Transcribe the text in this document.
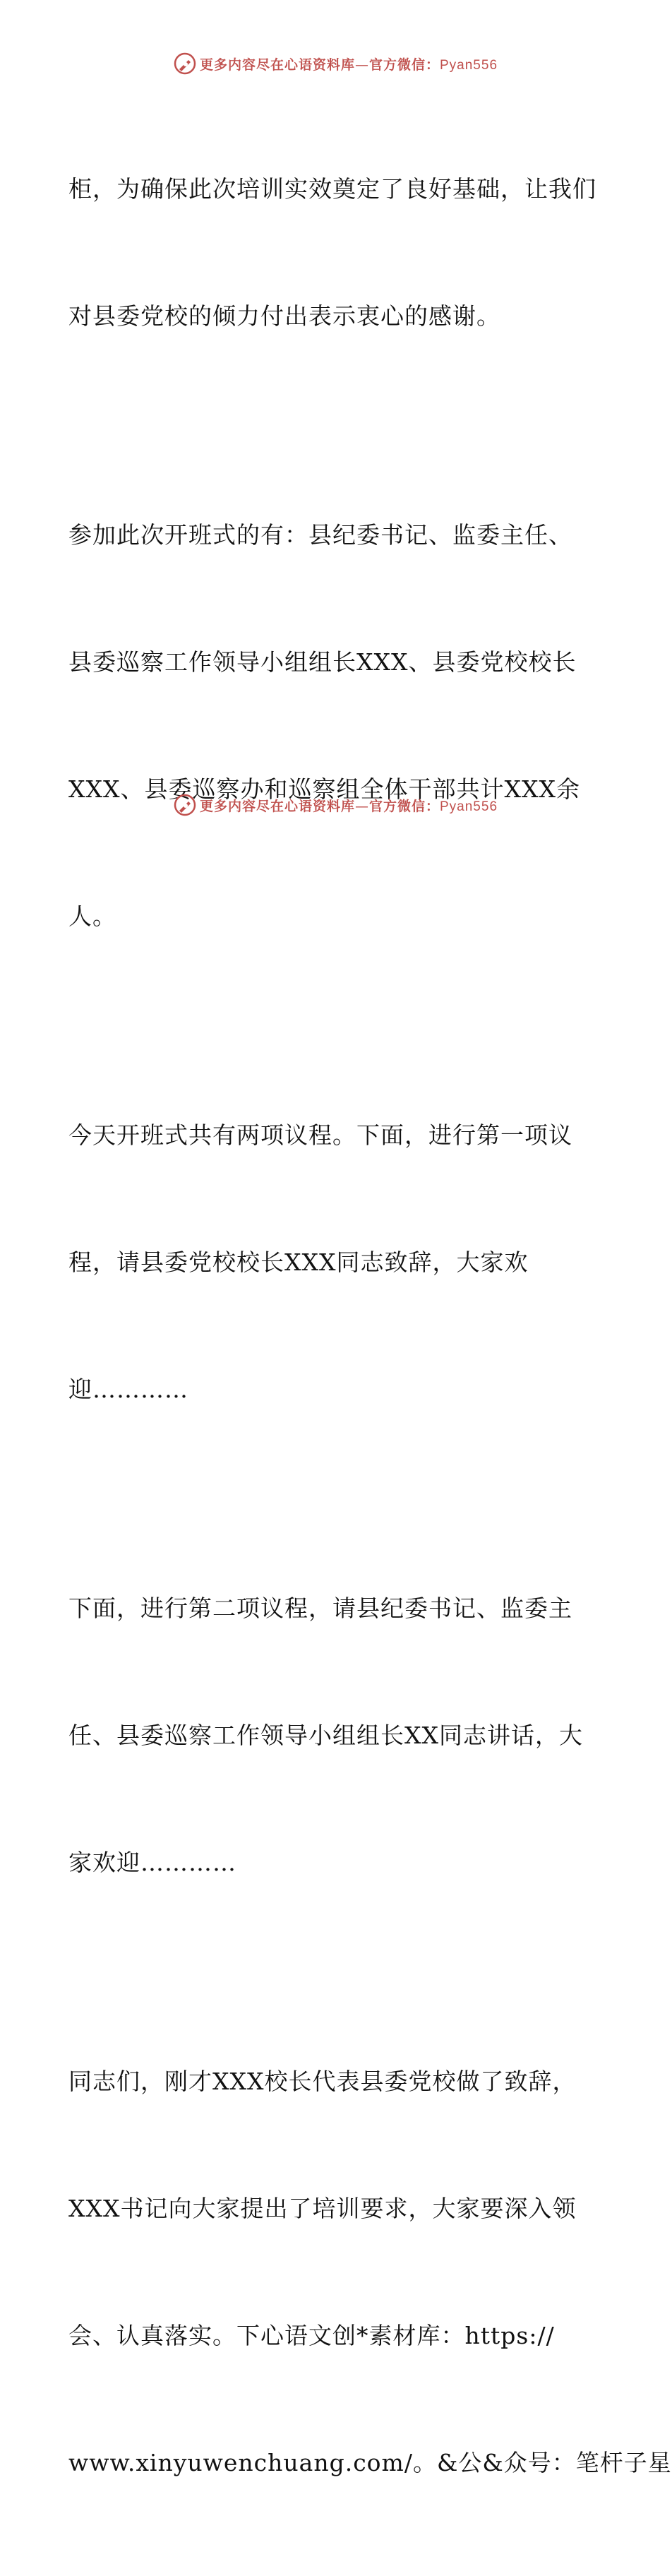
更多内容尽在心语资料库—官方微信：Pyan556

柜，为确保此次培训实效奠定了良好基础，让我们

对县委党校的倾力付出表示衷心的感谢。

参加此次开班式的有：县纪委书记、监委主任、

县委巡察工作领导小组组长XXX、县委党校校长

XXX、县委巡察办和巡察组全体干部共计XXX余

人。

今天开班式共有两项议程。下面，进行第一项议

程，请县委党校校长XXX同志致辞，大家欢

迎…………

下面，进行第二项议程，请县纪委书记、监委主

任、县委巡察工作领导小组组长XX同志讲话，大

家欢迎…………

同志们，刚才XXX校长代表县委党校做了致辞，

XXX书记向大家提出了培训要求，大家要深入领

会、认真落实。下心语文创*素材库：https://

www.xinyuwenchuang.com/。&公&众号：笔杆子星

更多内容尽在心语资料库—官方微信：Pyan556
